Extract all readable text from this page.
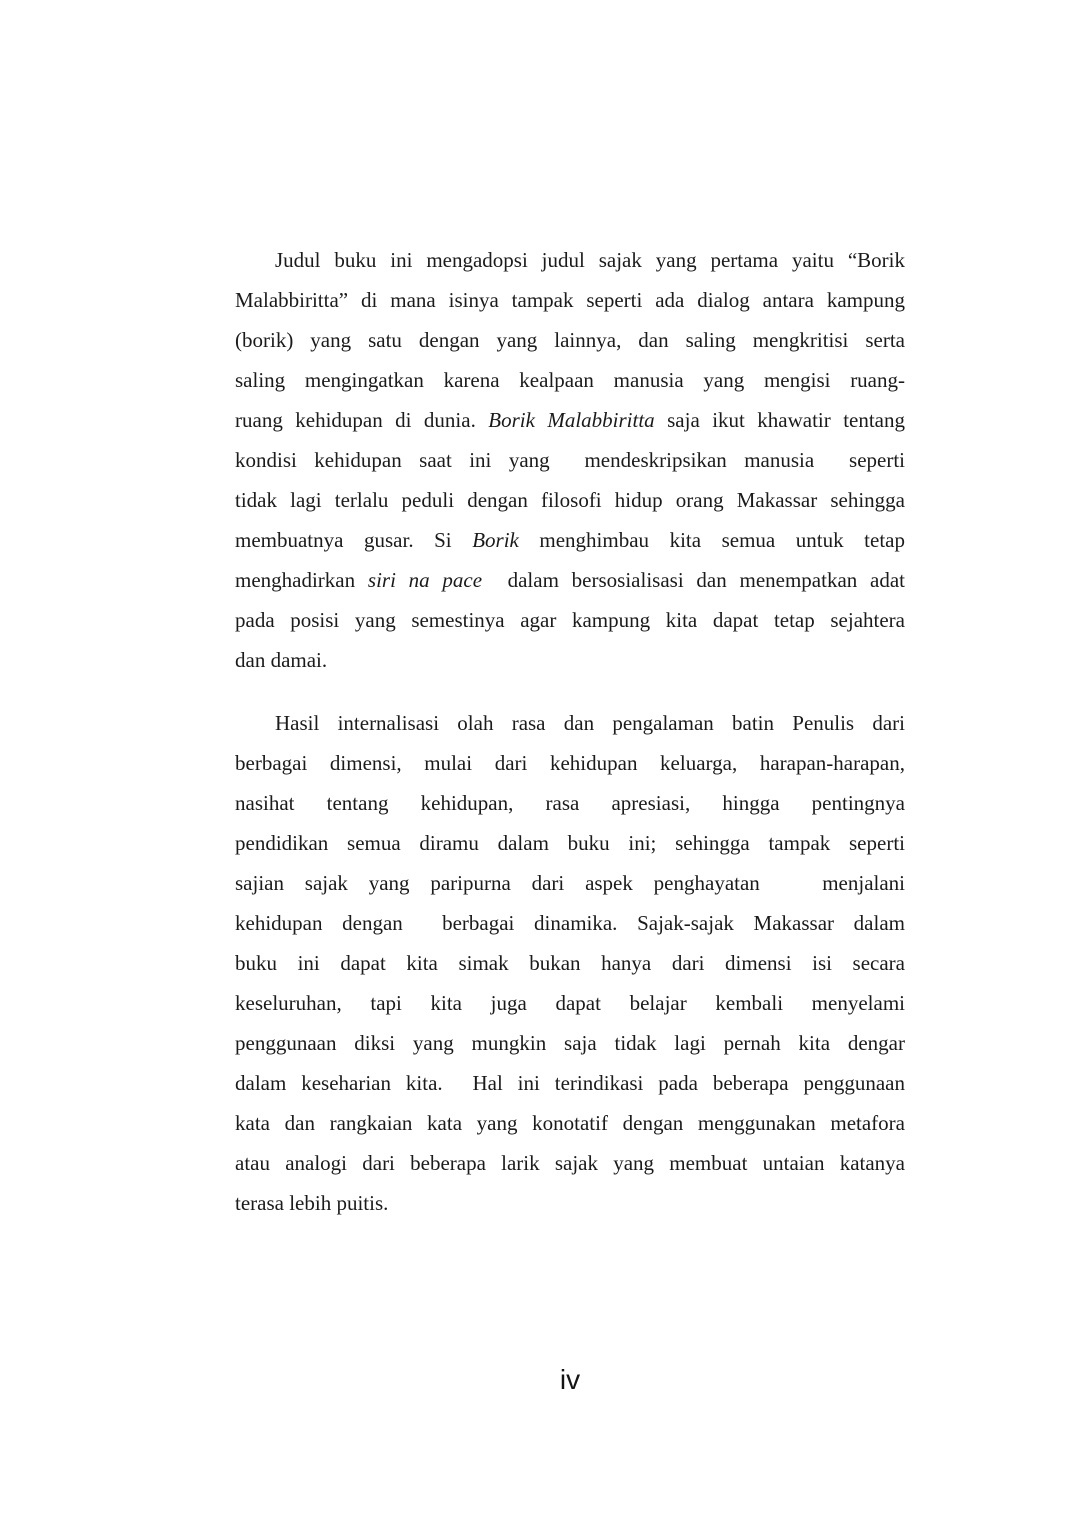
Judul buku ini mengadopsi judul sajak yang pertama yaitu “Borik
Malabbiritta” di mana isinya tampak seperti ada dialog antara kampung
(borik) yang satu dengan yang lainnya, dan saling mengkritisi serta
saling mengingatkan karena kealpaan manusia yang mengisi ruang-
ruang kehidupan di dunia. Borik Malabbiritta saja ikut khawatir tentang
kondisi kehidupan saat ini yang  mendeskripsikan manusia  seperti
tidak lagi terlalu peduli dengan filosofi hidup orang Makassar sehingga
membuatnya gusar. Si Borik menghimbau kita semua untuk tetap
menghadirkan siri na pace  dalam bersosialisasi dan menempatkan adat
pada posisi yang semestinya agar kampung kita dapat tetap sejahtera
dan damai.
Hasil internalisasi olah rasa dan pengalaman batin Penulis dari
berbagai dimensi, mulai dari kehidupan keluarga, harapan-harapan,
nasihat tentang kehidupan, rasa apresiasi, hingga pentingnya
pendidikan semua diramu dalam buku ini; sehingga tampak seperti
sajian sajak yang paripurna dari aspek penghayatan   menjalani
kehidupan dengan  berbagai dinamika. Sajak-sajak Makassar dalam
buku ini dapat kita simak bukan hanya dari dimensi isi secara
keseluruhan, tapi kita juga dapat belajar kembali menyelami
penggunaan diksi yang mungkin saja tidak lagi pernah kita dengar
dalam keseharian kita.  Hal ini terindikasi pada beberapa penggunaan
kata dan rangkaian kata yang konotatif dengan menggunakan metafora
atau analogi dari beberapa larik sajak yang membuat untaian katanya
terasa lebih puitis.
iv
